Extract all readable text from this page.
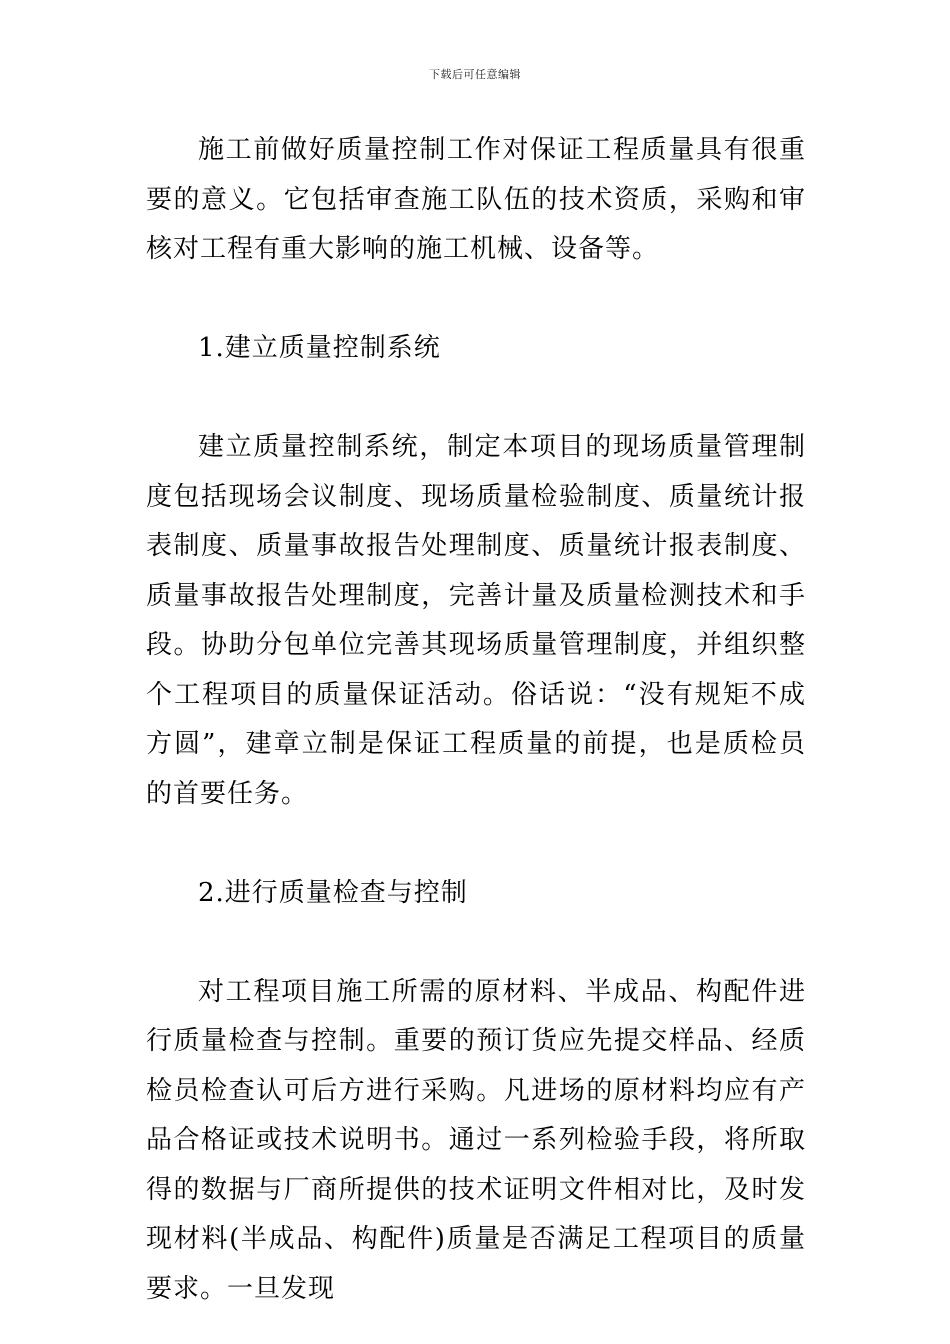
下载后可任意编辑

施工前做好质量控制工作对保证工程质量具有很重要的意义。它包括审查施工队伍的技术资质，采购和审核对工程有重大影响的施工机械、设备等。

1.建立质量控制系统

建立质量控制系统，制定本项目的现场质量管理制度包括现场会议制度、现场质量检验制度、质量统计报表制度、质量事故报告处理制度、质量统计报表制度、质量事故报告处理制度，完善计量及质量检测技术和手段。协助分包单位完善其现场质量管理制度，并组织整个工程项目的质量保证活动。俗话说：“没有规矩不成方圆”，建章立制是保证工程质量的前提，也是质检员的首要任务。

2.进行质量检查与控制

对工程项目施工所需的原材料、半成品、构配件进行质量检查与控制。重要的预订货应先提交样品、经质检员检查认可后方进行采购。凡进场的原材料均应有产品合格证或技术说明书。通过一系列检验手段，将所取得的数据与厂商所提供的技术证明文件相对比，及时发现材料(半成品、构配件)质量是否满足工程项目的质量要求。一旦发现
